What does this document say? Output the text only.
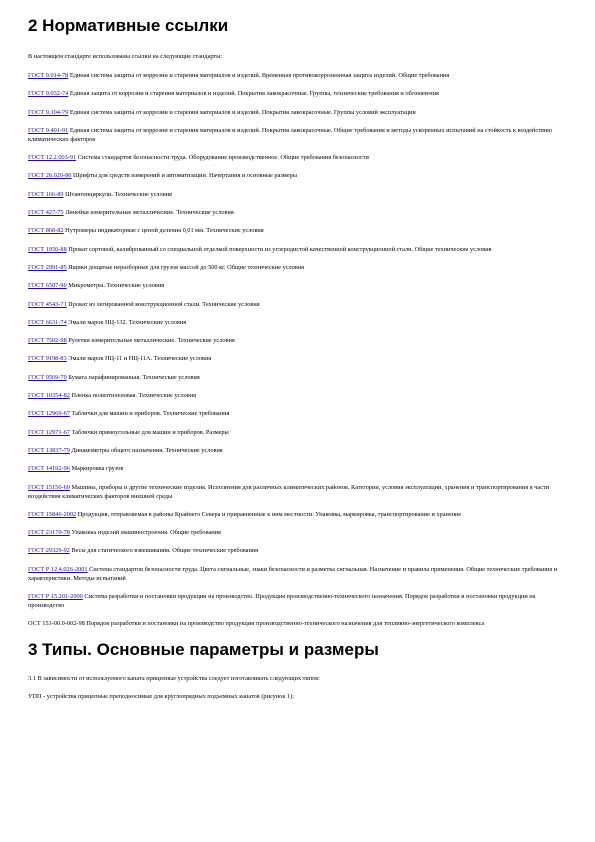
2 Нормативные ссылки

В настоящем стандарте использованы ссылки на следующие стандарты:

ГОСТ 9.014-78 Единая система защиты от коррозии и старения материалов и изделий. Временная противокоррозионная защита изделий. Общие требования

ГОСТ 9.032-74 Единая защита от коррозии и старения материалов и изделий. Покрытия лакокрасочные. Группы, технические требования и обозначения

ГОСТ 9.104-79 Единая система защиты от коррозии и старения материалов и изделий. Покрытия лакокрасочные. Группы условий эксплуатации

ГОСТ 9.401-91 Единая система защиты от коррозии и старения материалов и изделий. Покрытия лакокрасочные. Общие требования и методы ускоренных испытаний на стойкость к воздействию климатических факторов

ГОСТ 12.2.003-91 Система стандартов безопасности труда. Оборудование производственное. Общие требования безопасности

ГОСТ 26.020-80 Шрифты для средств измерений и автоматизации. Начертания и основные размеры

ГОСТ 166-89 Штангенциркули. Технические условия

ГОСТ 427-75 Линейки измерительные металлические. Технические условия

ГОСТ 868-82 Нутромеры индикаторные с ценой деления 0,01 мм. Технические условия

ГОСТ 1050-88 Прокат сортовой, калиброванный со специальной отделкой поверхности из углеродистой качественной конструкционной стали. Общие технические условия

ГОСТ 2991-85 Ящики дощатые неразборные для грузов массой до 500 кг. Общие технические условия

ГОСТ 6507-90 Микрометры. Технические условия

ГОСТ 4543-71 Прокат из легированной конструкционной стали. Технические условия

ГОСТ 6631-74 Эмали марок НЦ-132. Технические условия

ГОСТ 7502-98 Рулетки измерительные металлические. Технические условия

ГОСТ 9198-83 Эмали марок НЦ-11 и НЦ-11А. Технические условия

ГОСТ 9569-79 Бумага парафинированная. Технические условия

ГОСТ 10354-82 Пленка полиэтиленовая. Технические условия

ГОСТ 12969-67 Таблички для машин и приборов. Технические требования

ГОСТ 12971-67 Таблички прямоугольные для машин и приборов. Размеры

ГОСТ 13837-79 Динамометры общего назначения. Технические условия

ГОСТ 14192-96 Маркировка грузов

ГОСТ 15150-69 Машины, приборы и другие технические изделия. Исполнения для различных климатических районов. Категории, условия эксплуатации, хранения и транспортирования в части воздействия климатических факторов внешней среды

ГОСТ 15846-2002 Продукция, отправляемая в районы Крайнего Севера и приравненные к ним местности. Упаковка, маркировка, транспортирование и хранение

ГОСТ 23170-78 Упаковка изделий машиностроения. Общие требования

ГОСТ 29329-92 Весы для статического взвешивания. Общие технические требования

ГОСТ Р 12.4.026-2001 Система стандартов безопасности труда. Цвета сигнальные, знаки безопасности и разметка сигнальная. Назначение и правила применения. Общие технические требования и характеристики. Методы испытаний

ГОСТ Р 15.201-2000 Система разработки и постановки продукции на производство. Продукция производственно-технического назначения. Порядок разработки и постановки продукции на производство

ОСТ 153-00.0-002-98 Порядок разработки и постановки на производство продукции производственно-технического назначения для топливно-энергетического комплекса

3 Типы. Основные параметры и размеры

3.1 В зависимости от используемого каната прицепные устройства следует изготавливать следующих типов:

УПП - устройства прицепные преподносимые для круглопрядных подъемных канатов (рисунок 1);
